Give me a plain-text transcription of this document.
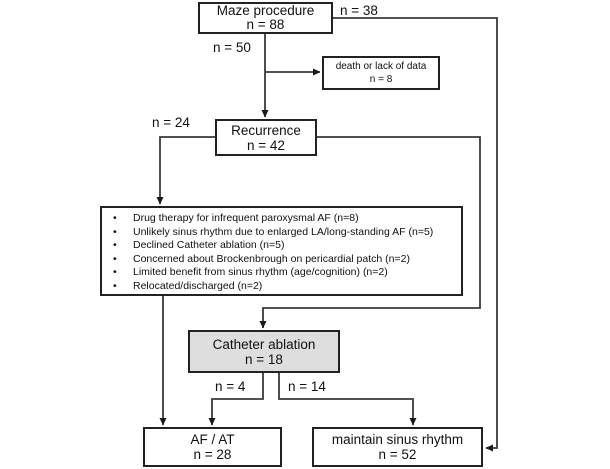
Maze procedure
n = 88
death or lack of data
n = 8
Recurrence
n = 42
• Drug therapy for infrequent paroxysmal AF (n=8)
• Unlikely sinus rhythm due to enlarged LA/long-standing AF (n=5)
• Declined Catheter ablation (n=5)
• Concerned about Brockenbrough on pericardial patch (n=2)
• Limited benefit from sinus rhythm (age/cognition) (n=2)
• Relocated/discharged (n=2)
Catheter ablation
n = 18
AF / AT
n = 28
maintain sinus rhythm
n = 52
n = 38
n = 50
n = 24
n = 4	n = 14
